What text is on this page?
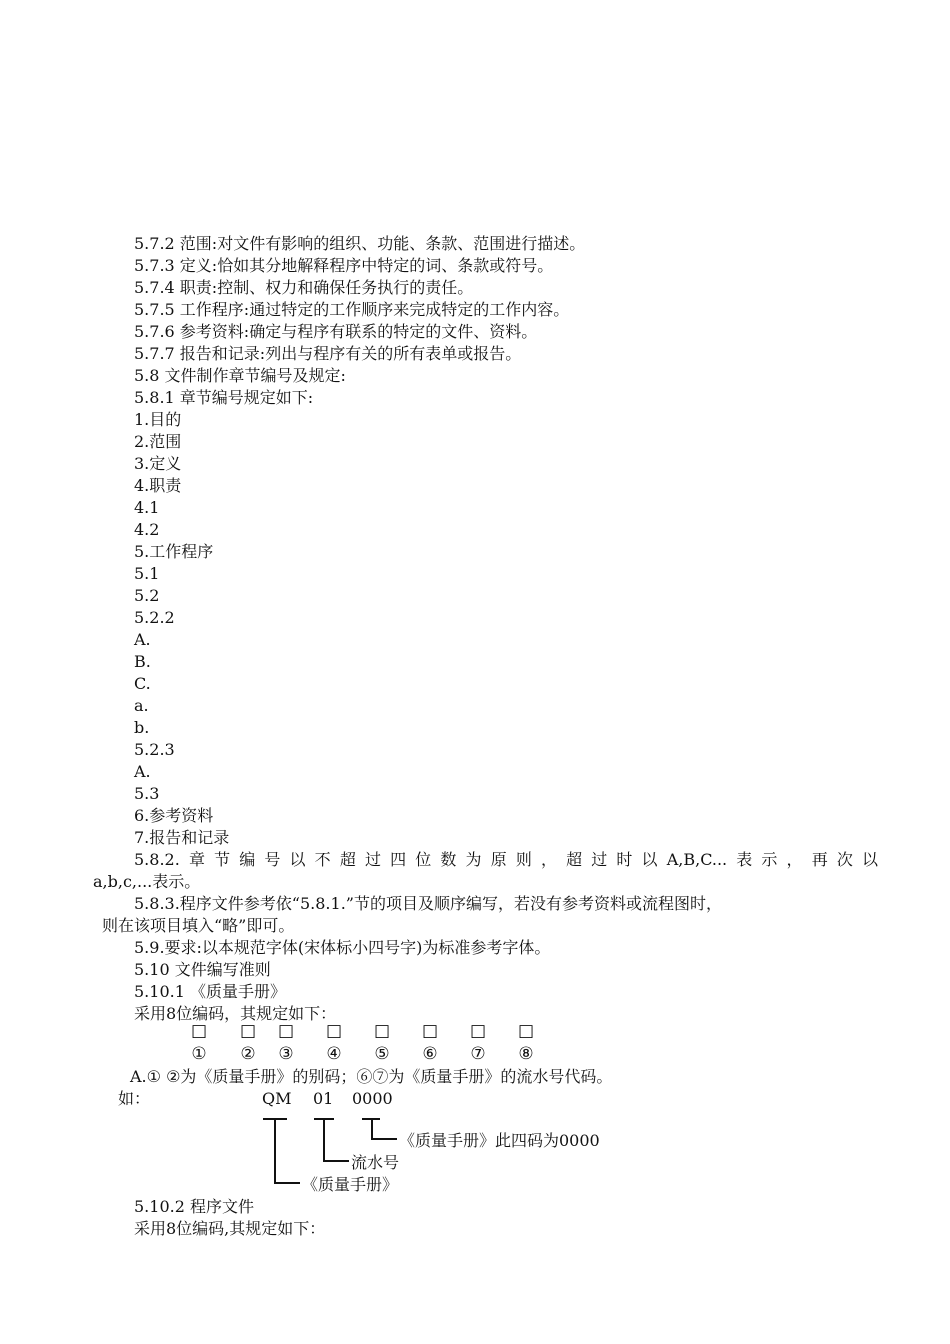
5.7.2 范围:对文件有影响的组织、功能、条款、范围进行描述。
5.7.3 定义:恰如其分地解释程序中特定的词、条款或符号。
5.7.4 职责:控制、权力和确保任务执行的责任。
5.7.5 工作程序:通过特定的工作顺序来完成特定的工作内容。
5.7.6 参考资料:确定与程序有联系的特定的文件、资料。
5.7.7 报告和记录:列出与程序有关的所有表单或报告。
5.8 文件制作章节编号及规定:
5.8.1 章节编号规定如下:
1.目的
2.范围
3.定义
4.职责
4.1
4.2
5.工作程序
5.1
5.2
5.2.2
A.
B.
C.
a.
b.
5.2.3
A.
5.3
6.参考资料
7.报告和记录
5.8.2.章节编号以不超过四位数为原则，超过时以A,B,C...表示，再次以
a,b,c,...表示。
5.8.3.程序文件参考依“5.8.1.”节的项目及顺序编写，若没有参考资料或流程图时，
则在该项目填入“略”即可。
5.9.要求:以本规范字体(宋体标小四号字)为标准参考字体。
5.10 文件编写准则
5.10.1 《质量手册》
采用8位编码，其规定如下：
□ □ □ □ □ □ □ □
① ② ③ ④ ⑤ ⑥ ⑦ ⑧
A.① ②为《质量手册》的别码；⑥⑦为《质量手册》的流水号代码。
如：	QM 01 0000
《质量手册》此四码为0000
流水号
《质量手册》
5.10.2 程序文件
采用8位编码,其规定如下：
